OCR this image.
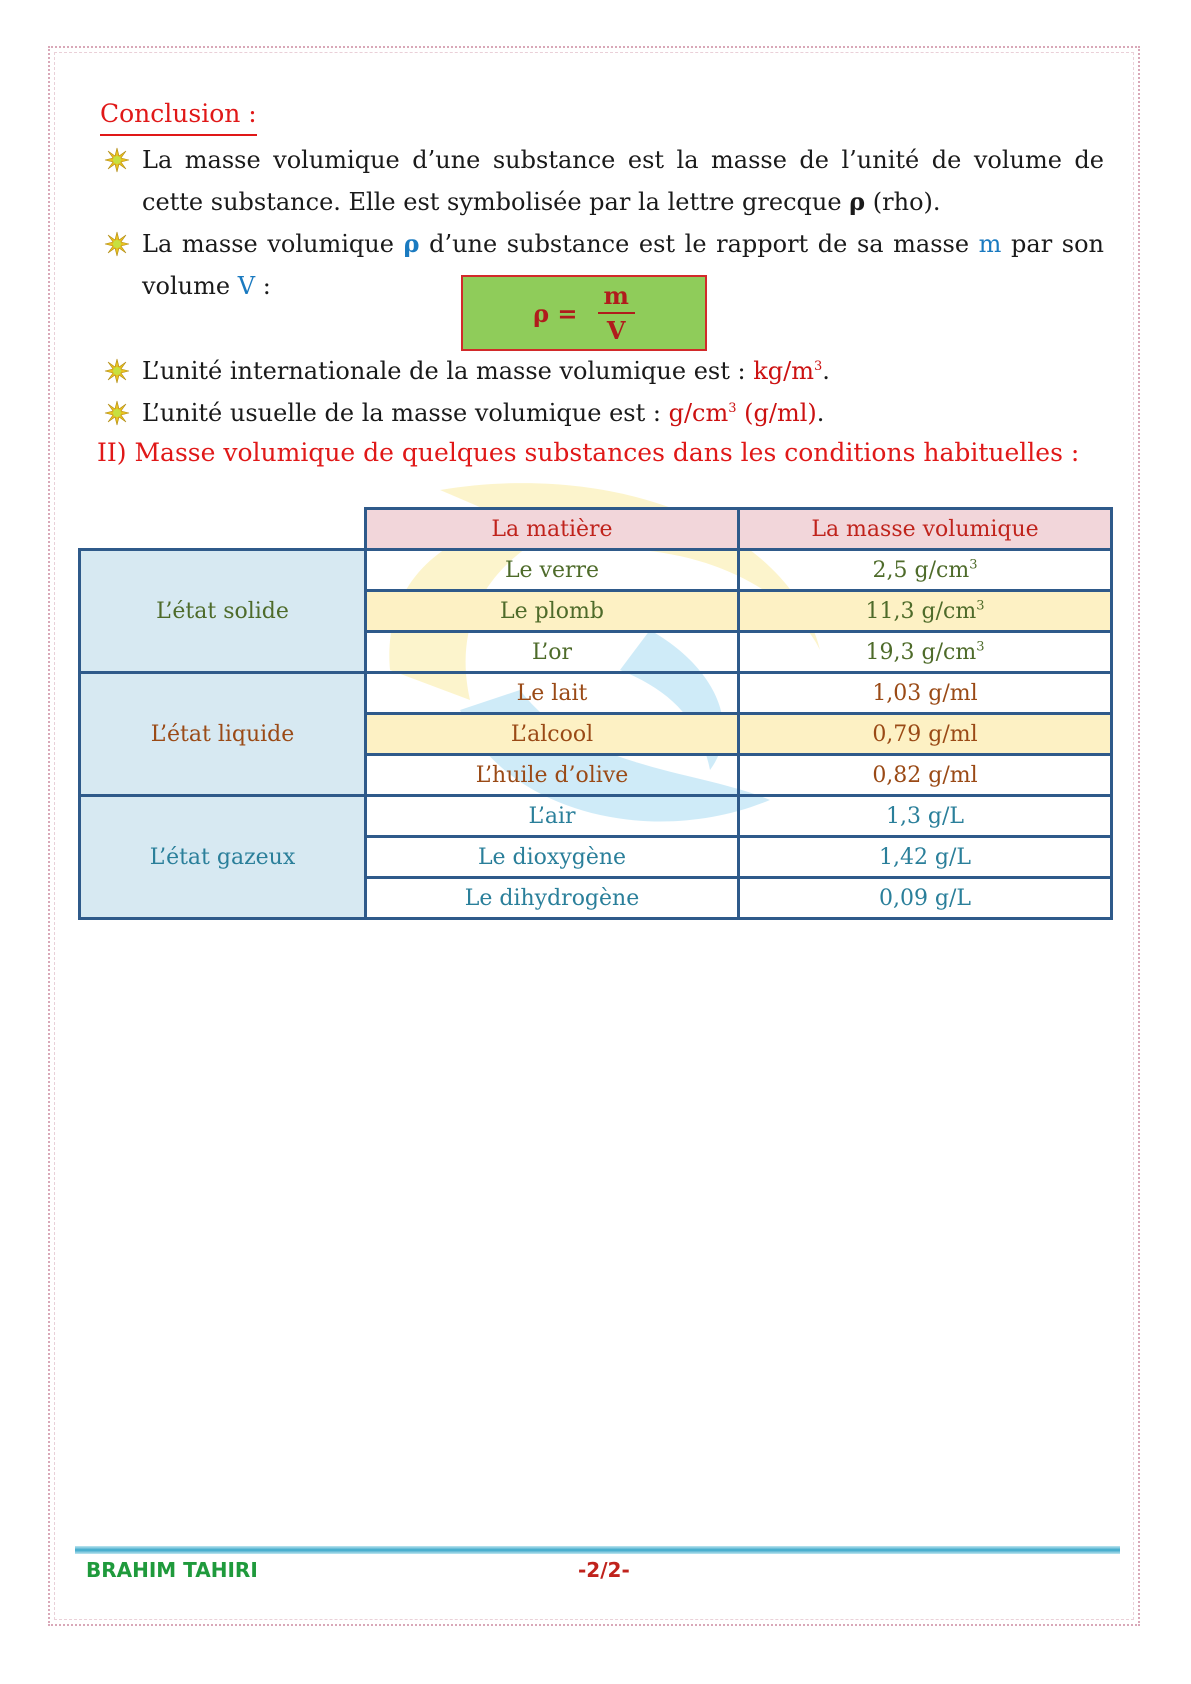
Conclusion :
La masse volumique d’une substance est la masse de l’unité de volume de cette substance. Elle est symbolisée par la lettre grecque ρ (rho).
La masse volumique ρ d’une substance est le rapport de sa masse m par son volume V :
$\rho = \frac{m}{V}$
L’unité internationale de la masse volumique est : $kg/m^3$.
L’unité usuelle de la masse volumique est : $g/cm^3$ (g/ml).
II) Masse volumique de quelques substances dans les conditions habituelles :
	La matière	La masse volumique
L’état solide	Le verre	2,5 $g/cm^3$
	Le plomb	11,3 $g/cm^3$
	L’or	19,3 $g/cm^3$
L’état liquide	Le lait	1,03 g/ml
	L’alcool	0,79 g/ml
	L’huile d’olive	0,82 g/ml
L’état gazeux	L’air	1,3 g/L
	Le dioxygène	1,42 g/L
	Le dihydrogène	0,09 g/L
BRAHIM TAHIRI	-2/2-
